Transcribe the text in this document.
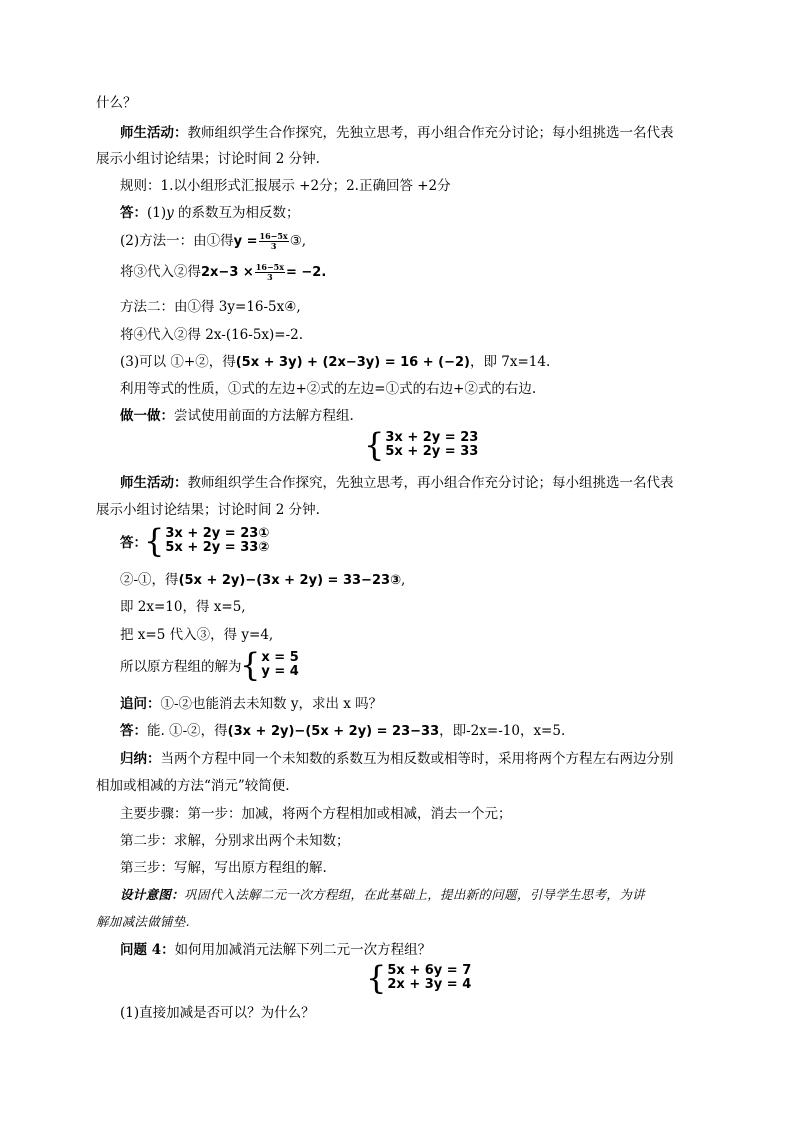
什么？
师生活动：教师组织学生合作探究，先独立思考，再小组合作充分讨论；每小组挑选一名代表
展示小组讨论结果；讨论时间 2 分钟.
规则：1.以小组形式汇报展示 +2分；2.正确回答 +2分
答：(1)y 的系数互为相反数；
(2)方法一：由①得$y = \frac{16-5x}{3}$ ③,
将③代入②得$2x-3 \times \frac{16-5x}{3} = -2$.
方法二：由①得 3y=16-5x④,
将④代入②得 2x-(16-5x)=-2.
(3)可以 ①+②，得(5x + 3y) + (2x−3y) = 16 + (−2)，即 7x=14.
利用等式的性质，①式的左边+②式的左边=①式的右边+②式的右边.
做一做：尝试使用前面的方法解方程组.
{ 3x + 2y = 23
5x + 2y = 33
师生活动：教师组织学生合作探究，先独立思考，再小组合作充分讨论；每小组挑选一名代表
展示小组讨论结果；讨论时间 2 分钟.
答：
{ 3x + 2y = 23①
5x + 2y = 33②
②-①，得(5x + 2y)−(3x + 2y) = 33−23③,
即 2x=10，得 x=5,
把 x=5 代入③，得 y=4,
所以原方程组的解为
{ x = 5
y = 4
追问：①-②也能消去未知数 y，求出 x 吗？
答：能. ①-②，得(3x + 2y)−(5x + 2y) = 23−33，即-2x=-10，x=5.
归纳：当两个方程中同一个未知数的系数互为相反数或相等时，采用将两个方程左右两边分别
相加或相减的方法“消元”较简便.
主要步骤：第一步：加减，将两个方程相加或相减，消去一个元；
第二步：求解，分别求出两个未知数；
第三步：写解，写出原方程组的解.
设计意图：巩固代入法解二元一次方程组，在此基础上，提出新的问题，引导学生思考，为讲
解加减法做铺垫.
问题 4：如何用加减消元法解下列二元一次方程组？
{ 5x + 6y = 7
2x + 3y = 4
(1)直接加减是否可以？为什么？
